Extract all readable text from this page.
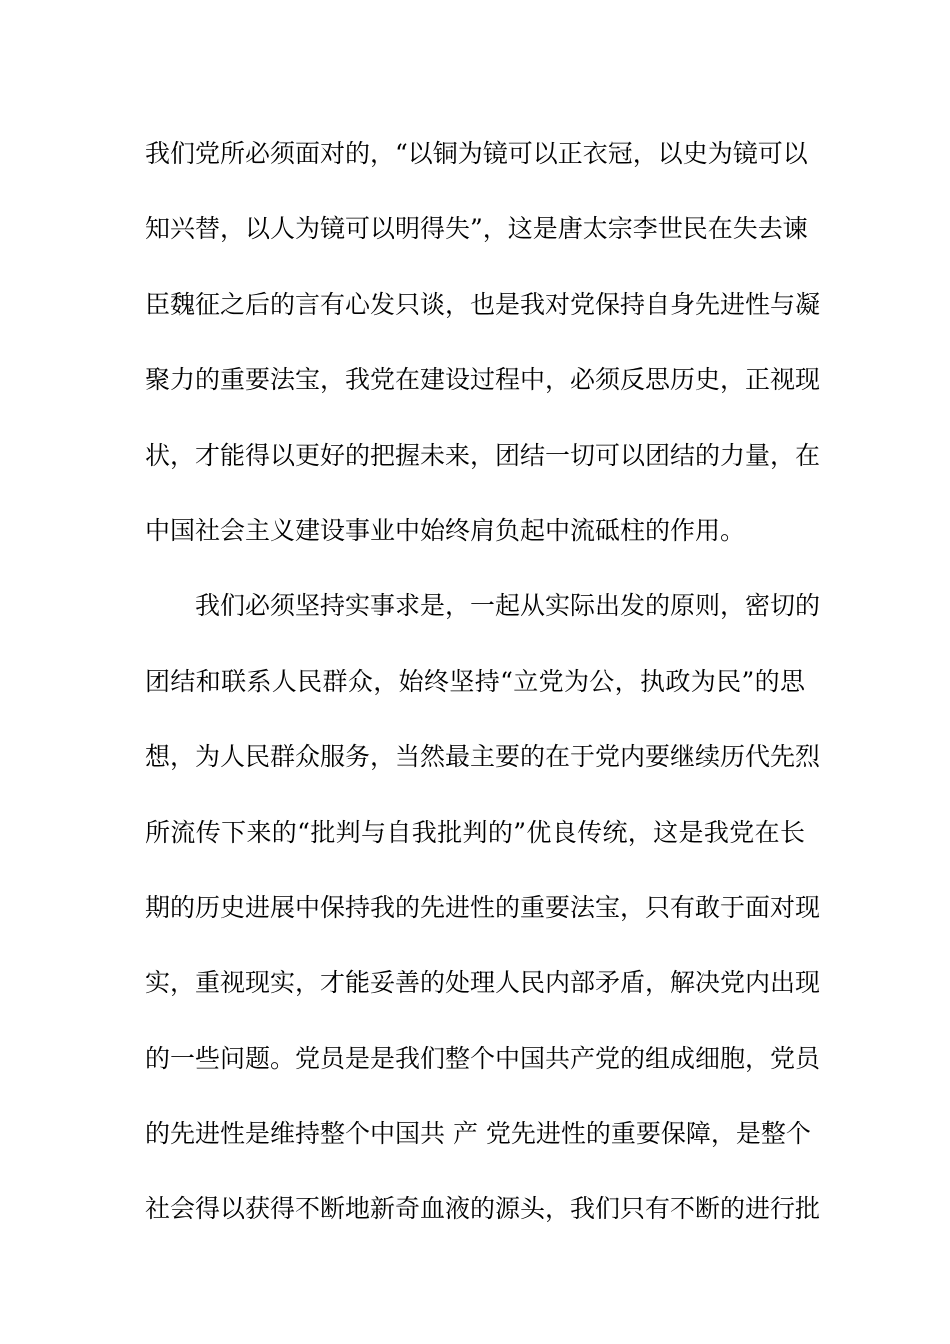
我们党所必须面对的，“以铜为镜可以正衣冠，以史为镜可以
知兴替，以人为镜可以明得失”，这是唐太宗李世民在失去谏
臣魏征之后的言有心发只谈，也是我对党保持自身先进性与凝
聚力的重要法宝，我党在建设过程中，必须反思历史，正视现
状，才能得以更好的把握未来，团结一切可以团结的力量，在
中国社会主义建设事业中始终肩负起中流砥柱的作用。
我们必须坚持实事求是，一起从实际出发的原则，密切的
团结和联系人民群众，始终坚持“立党为公，执政为民”的思
想，为人民群众服务，当然最主要的在于党内要继续历代先烈
所流传下来的“批判与自我批判的”优良传统，这是我党在长
期的历史进展中保持我的先进性的重要法宝，只有敢于面对现
实，重视现实，才能妥善的处理人民内部矛盾，解决党内出现
的一些问题。党员是是我们整个中国共产党的组成细胞，党员
的先进性是维持整个中国共 产 党先进性的重要保障，是整个
社会得以获得不断地新奇血液的源头，我们只有不断的进行批
